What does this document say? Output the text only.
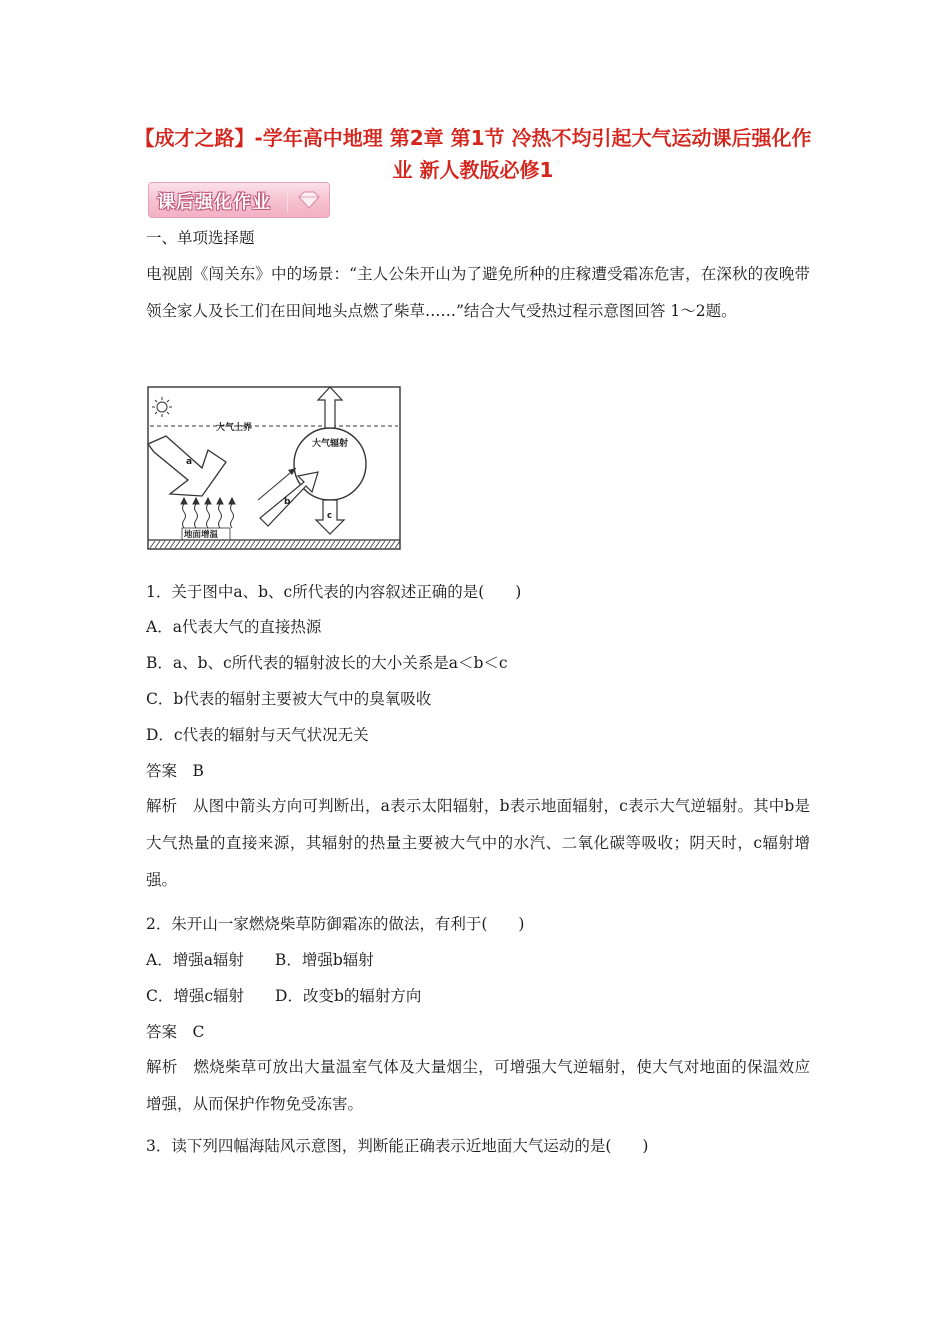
【成才之路】-学年高中地理 第2章 第1节 冷热不均引起大气运动课后强化作业 新人教版必修1
课后强化作业
一、单项选择题
电视剧《闯关东》中的场景：“主人公朱开山为了避免所种的庄稼遭受霜冻危害，在深秋的夜晚带领全家人及长工们在田间地头点燃了柴草……”结合大气受热过程示意图回答 1～2题。
大气上界
a
地面增温
大气辐射
c
b
1．关于图中a、b、c所代表的内容叙述正确的是(　　)
A．a代表大气的直接热源
B．a、b、c所代表的辐射波长的大小关系是a＜b＜c
C．b代表的辐射主要被大气中的臭氧吸收
D．c代表的辐射与天气状况无关
答案　B
解析　从图中箭头方向可判断出，a表示太阳辐射，b表示地面辐射，c表示大气逆辐射。其中b是大气热量的直接来源，其辐射的热量主要被大气中的水汽、二氧化碳等吸收；阴天时，c辐射增强。
2．朱开山一家燃烧柴草防御霜冻的做法，有利于(　　)
A．增强a辐射　　B．增强b辐射
C．增强c辐射　　D．改变b的辐射方向
答案　C
解析　燃烧柴草可放出大量温室气体及大量烟尘，可增强大气逆辐射，使大气对地面的保温效应增强，从而保护作物免受冻害。
3．读下列四幅海陆风示意图，判断能正确表示近地面大气运动的是(　　)
